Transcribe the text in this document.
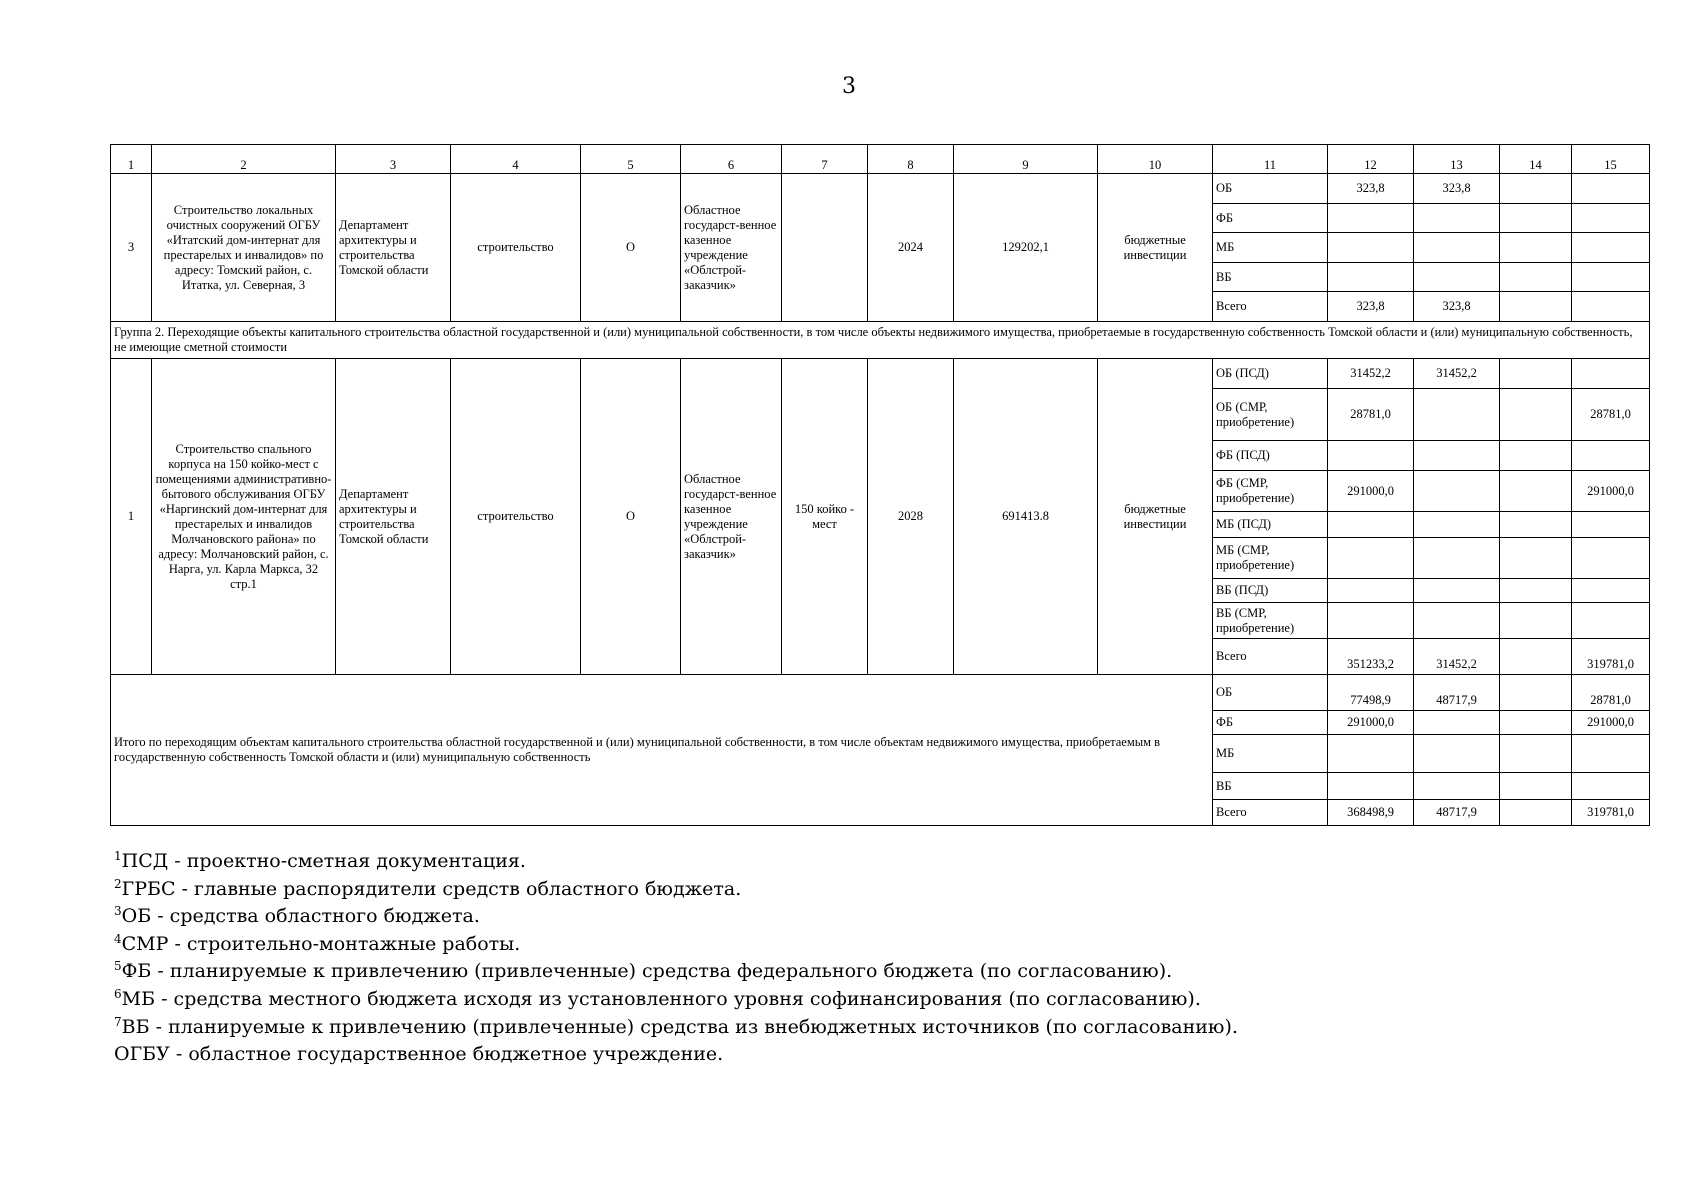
3
1	2	3	4	5	6	7	8	9	10	11	12	13	14	15
3	Строительство локальных очистных сооружений ОГБУ «Итатский дом-интернат для престарелых и инвалидов» по адресу: Томский район, с. Итатка, ул. Северная, 3	Департамент архитектуры и строительства Томской области	строительство	О	Областное государст-венное казенное учреждение «Облстрой-заказчик»		2024	129202,1	бюджетные инвестиции	ОБ	323,8	323,8		
										ФБ				
										МБ				
										ВБ				
										Всего	323,8	323,8		
Группа 2. Переходящие объекты капитального строительства областной государственной и (или) муниципальной собственности, в том числе объекты недвижимого имущества, приобретаемые в государственную собственность Томской области и (или) муниципальную собственность, не имеющие сметной стоимости														
1	Строительство спального корпуса на 150 койко-мест с помещениями административно-бытового обслуживания ОГБУ «Наргинский дом-интернат для престарелых и инвалидов Молчановского района» по адресу: Молчановский район, с. Нарга, ул. Карла Маркса, 32 стр.1	Департамент архитектуры и строительства Томской области	строительство	О	Областное государст-венное казенное учреждение «Облстрой-заказчик»	150 койко - мест	2028	691413.8	бюджетные инвестиции	ОБ (ПСД)	31452,2	31452,2		
										ОБ (СМР, приобретение)	28781,0			28781,0
										ФБ (ПСД)				
										ФБ (СМР, приобретение)	291000,0			291000,0
										МБ (ПСД)				
										МБ (СМР, приобретение)				
										ВБ (ПСД)				
										ВБ (СМР, приобретение)				
										Всего	351233,2	31452,2		319781,0
Итого по переходящим объектам капитального строительства областной государственной и (или) муниципальной собственности, в том числе объектам недвижимого имущества, приобретаемым в государственную собственность Томской области и (или) муниципальную собственность										ОБ	77498,9	48717,9		28781,0
										ФБ	291000,0			291000,0
										МБ				
										ВБ				
										Всего	368498,9	48717,9		319781,0
$^1$ПСД - проектно-сметная документация.
$^2$ГРБС - главные распорядители средств областного бюджета.
$^3$ОБ - средства областного бюджета.
$^4$СМР - строительно-монтажные работы.
$^5$ФБ - планируемые к привлечению (привлеченные) средства федерального бюджета (по согласованию).
$^6$МБ - средства местного бюджета исходя из установленного уровня софинансирования (по согласованию).
$^7$ВБ - планируемые к привлечению (привлеченные) средства из внебюджетных источников (по согласованию).
ОГБУ - областное государственное бюджетное учреждение.
